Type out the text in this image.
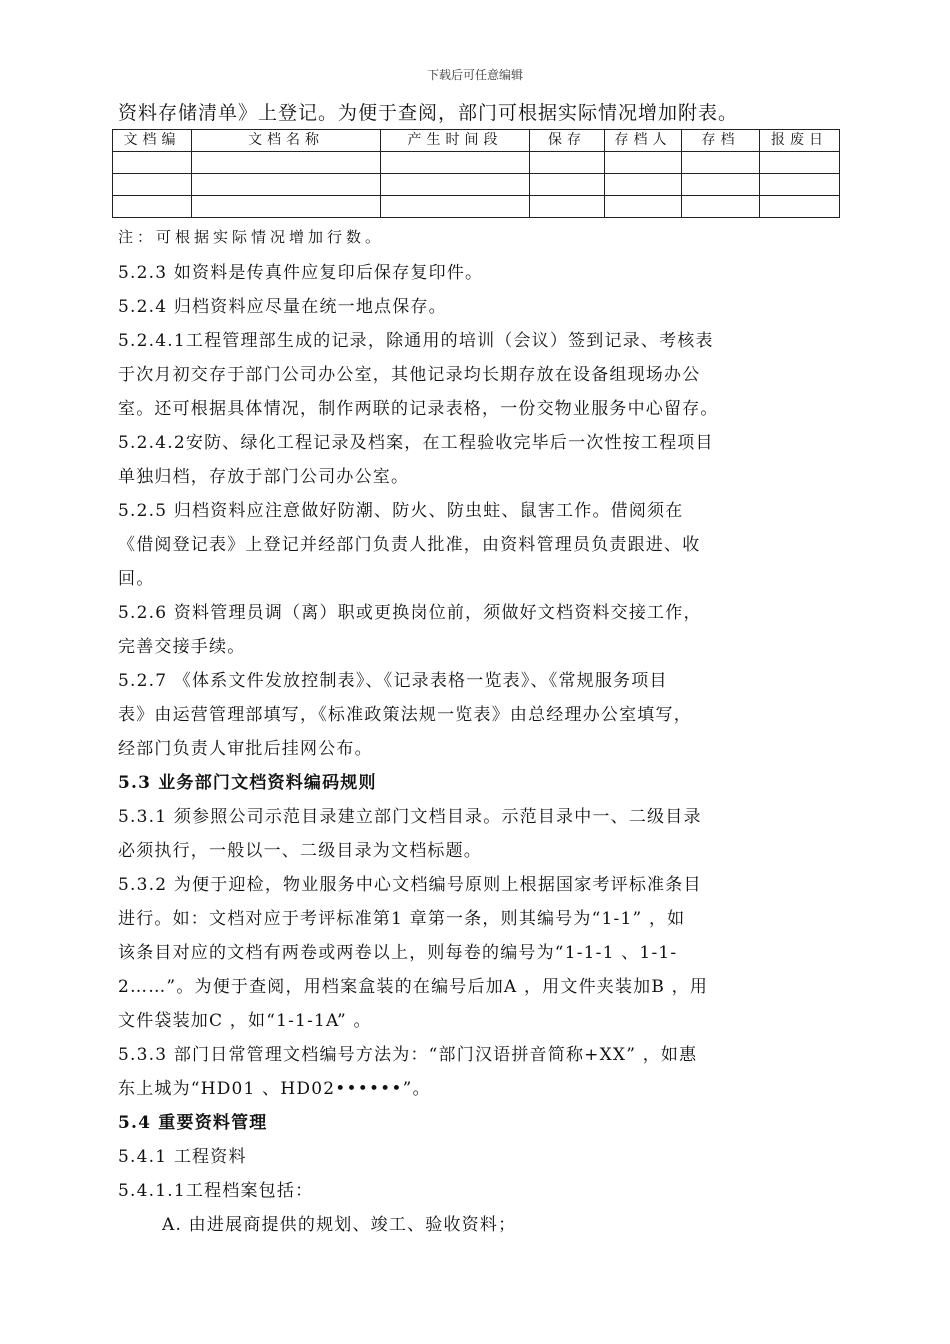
下载后可任意编辑
资料存储清单》上登记。为便于查阅，部门可根据实际情况增加附表。
文档编	文档名称	产生时间段	保存	存档人	存档	报废日

注：可根据实际情况增加行数。
5.2.3 如资料是传真件应复印后保存复印件。
5.2.4 归档资料应尽量在统一地点保存。
5.2.4.1工程管理部生成的记录，除通用的培训（会议）签到记录、考核表
于次月初交存于部门公司办公室，其他记录均长期存放在设备组现场办公
室。还可根据具体情况，制作两联的记录表格，一份交物业服务中心留存。
5.2.4.2安防、绿化工程记录及档案，在工程验收完毕后一次性按工程项目
单独归档，存放于部门公司办公室。
5.2.5 归档资料应注意做好防潮、防火、防虫蛀、鼠害工作。借阅须在
《借阅登记表》上登记并经部门负责人批准，由资料管理员负责跟进、收
回。
5.2.6 资料管理员调（离）职或更换岗位前，须做好文档资料交接工作，
完善交接手续。
5.2.7 《体系文件发放控制表》、《记录表格一览表》、《常规服务项目
表》由运营管理部填写，《标准政策法规一览表》由总经理办公室填写，
经部门负责人审批后挂网公布。
5.3 业务部门文档资料编码规则
5.3.1 须参照公司示范目录建立部门文档目录。示范目录中一、二级目录
必须执行，一般以一、二级目录为文档标题。
5.3.2 为便于迎检，物业服务中心文档编号原则上根据国家考评标准条目
进行。如：文档对应于考评标准第1 章第一条，则其编号为“1-1” ，如
该条目对应的文档有两卷或两卷以上，则每卷的编号为“1-1-1 、1-1-
2……”。为便于查阅，用档案盒装的在编号后加A ，用文件夹装加B ，用
文件袋装加C ，如“1-1-1A” 。
5.3.3 部门日常管理文档编号方法为：“部门汉语拼音简称+XX” ，如惠
东上城为“HD01 、HD02••••••”。
5.4 重要资料管理
5.4.1 工程资料
5.4.1.1工程档案包括：
A. 由进展商提供的规划、竣工、验收资料；
